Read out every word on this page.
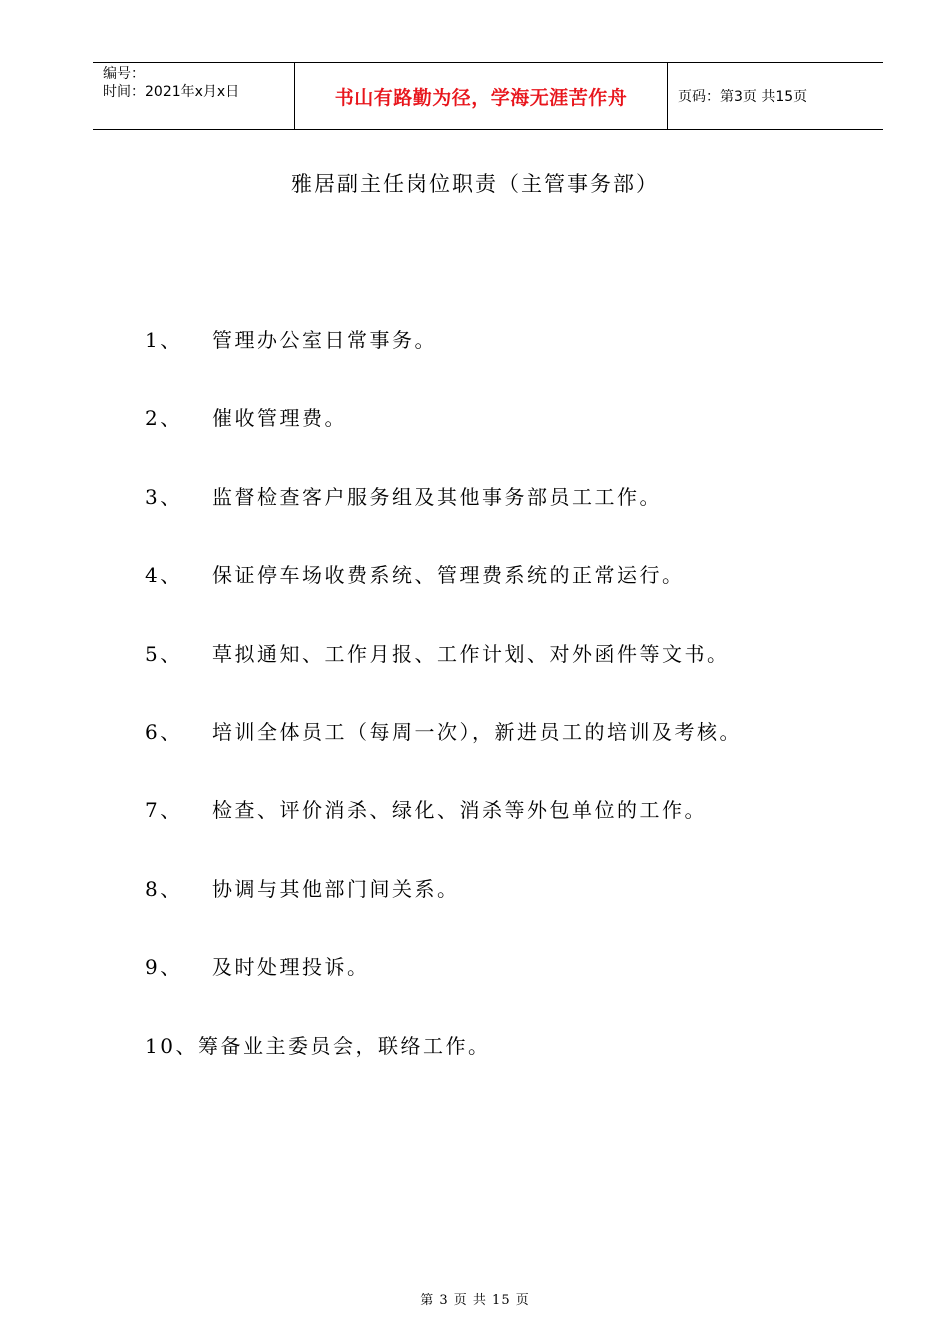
编号：
时间：2021年x月x日	书山有路勤为径，学海无涯苦作舟	页码：第3页 共15页
雅居副主任岗位职责（主管事务部）
1、	管理办公室日常事务。
2、	催收管理费。
3、	监督检查客户服务组及其他事务部员工工作。
4、	保证停车场收费系统、管理费系统的正常运行。
5、	草拟通知、工作月报、工作计划、对外函件等文书。
6、	培训全体员工（每周一次），新进员工的培训及考核。
7、	检查、评价消杀、绿化、消杀等外包单位的工作。
8、	协调与其他部门间关系。
9、	及时处理投诉。
10、 筹备业主委员会，联络工作。
第 3 页 共 15 页
